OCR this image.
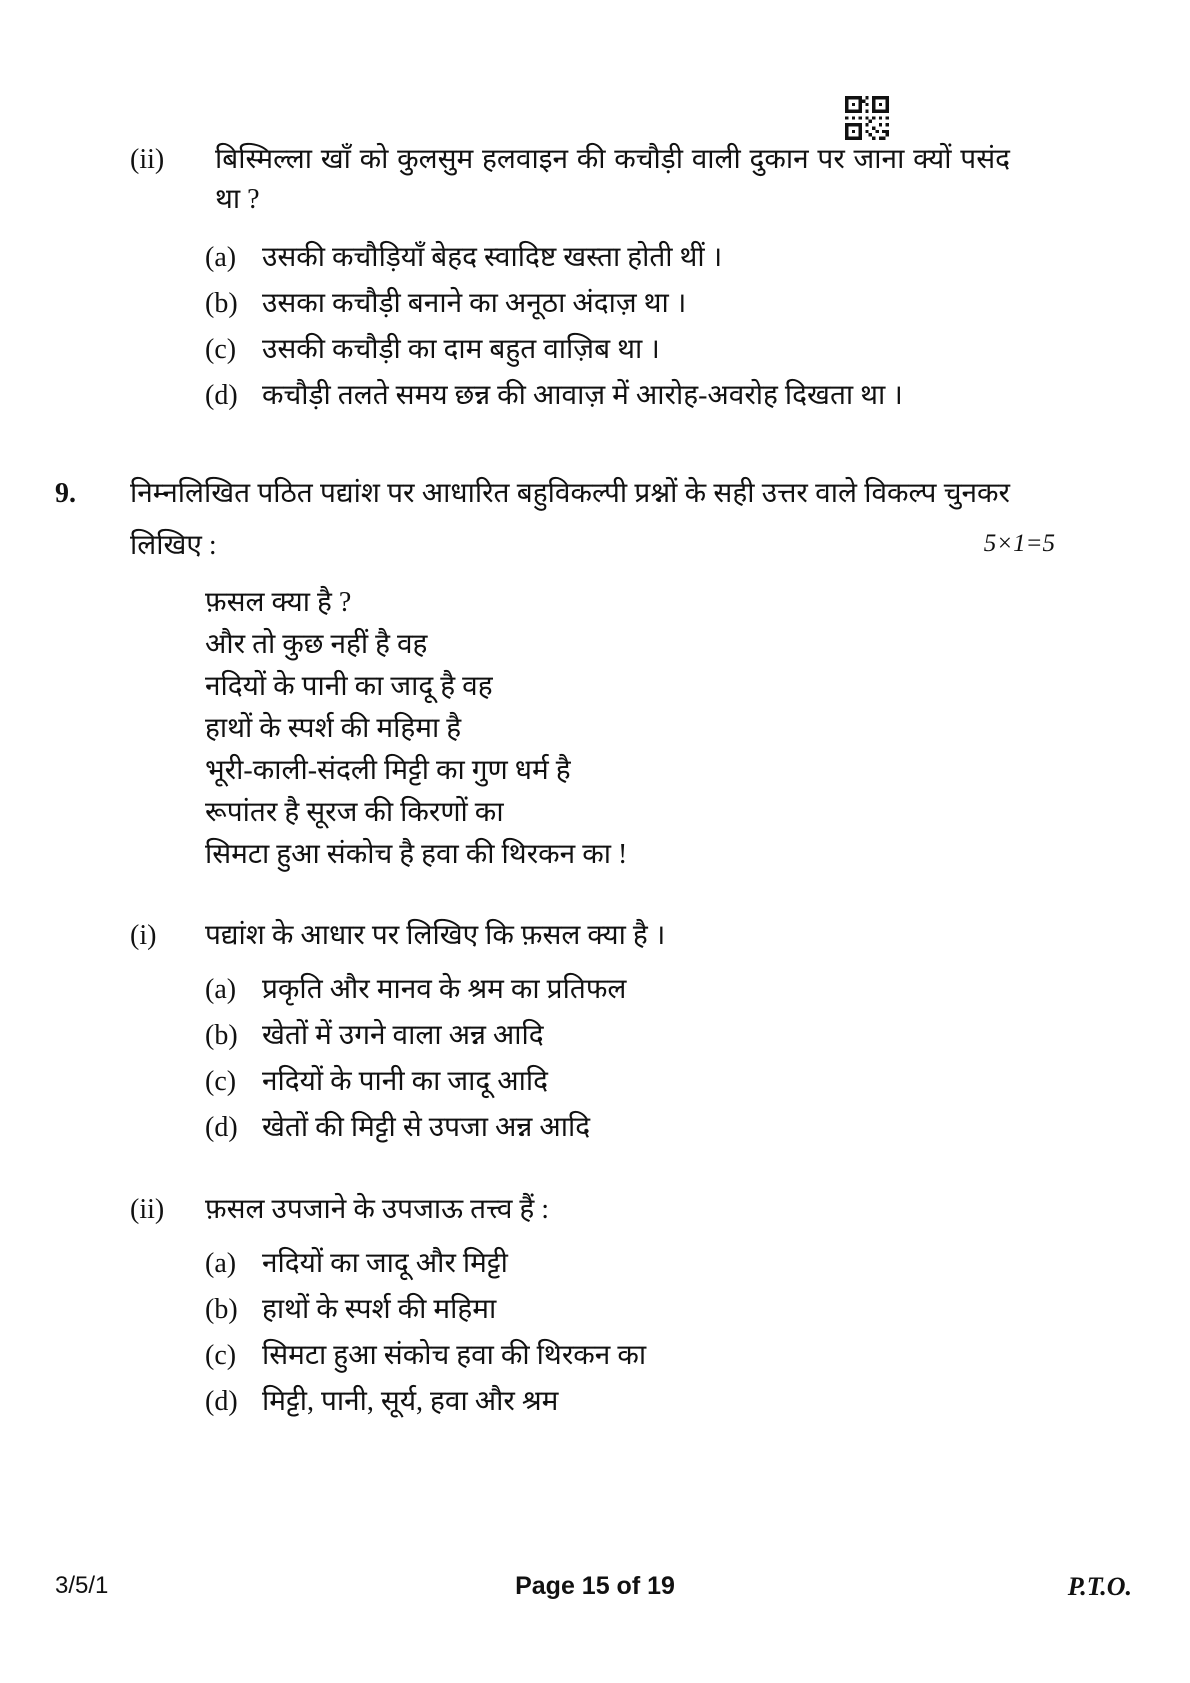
(ii)	बिस्मिल्ला खाँ को कुलसुम हलवाइन की कचौड़ी वाली दुकान पर जाना क्यों पसंद था ?
(a) उसकी कचौड़ियाँ बेहद स्वादिष्ट खस्ता होती थीं ।
(b) उसका कचौड़ी बनाने का अनूठा अंदाज़ था ।
(c) उसकी कचौड़ी का दाम बहुत वाज़िब था ।
(d) कचौड़ी तलते समय छन्न की आवाज़ में आरोह-अवरोह दिखता था ।
9.	निम्नलिखित पठित पद्यांश पर आधारित बहुविकल्पी प्रश्नों के सही उत्तर वाले विकल्प चुनकर लिखिए :	5×1=5
फ़सल क्या है ?
और तो कुछ नहीं है वह
नदियों के पानी का जादू है वह
हाथों के स्पर्श की महिमा है
भूरी-काली-संदली मिट्टी का गुण धर्म है
रूपांतर है सूरज की किरणों का
सिमटा हुआ संकोच है हवा की थिरकन का !
(i)	पद्यांश के आधार पर लिखिए कि फ़सल क्या है ।
(a) प्रकृति और मानव के श्रम का प्रतिफल
(b) खेतों में उगने वाला अन्न आदि
(c) नदियों के पानी का जादू आदि
(d) खेतों की मिट्टी से उपजा अन्न आदि
(ii)	फ़सल उपजाने के उपजाऊ तत्त्व हैं :
(a) नदियों का जादू और मिट्टी
(b) हाथों के स्पर्श की महिमा
(c) सिमटा हुआ संकोच हवा की थिरकन का
(d) मिट्टी, पानी, सूर्य, हवा और श्रम
3/5/1	Page 15 of 19	P.T.O.
